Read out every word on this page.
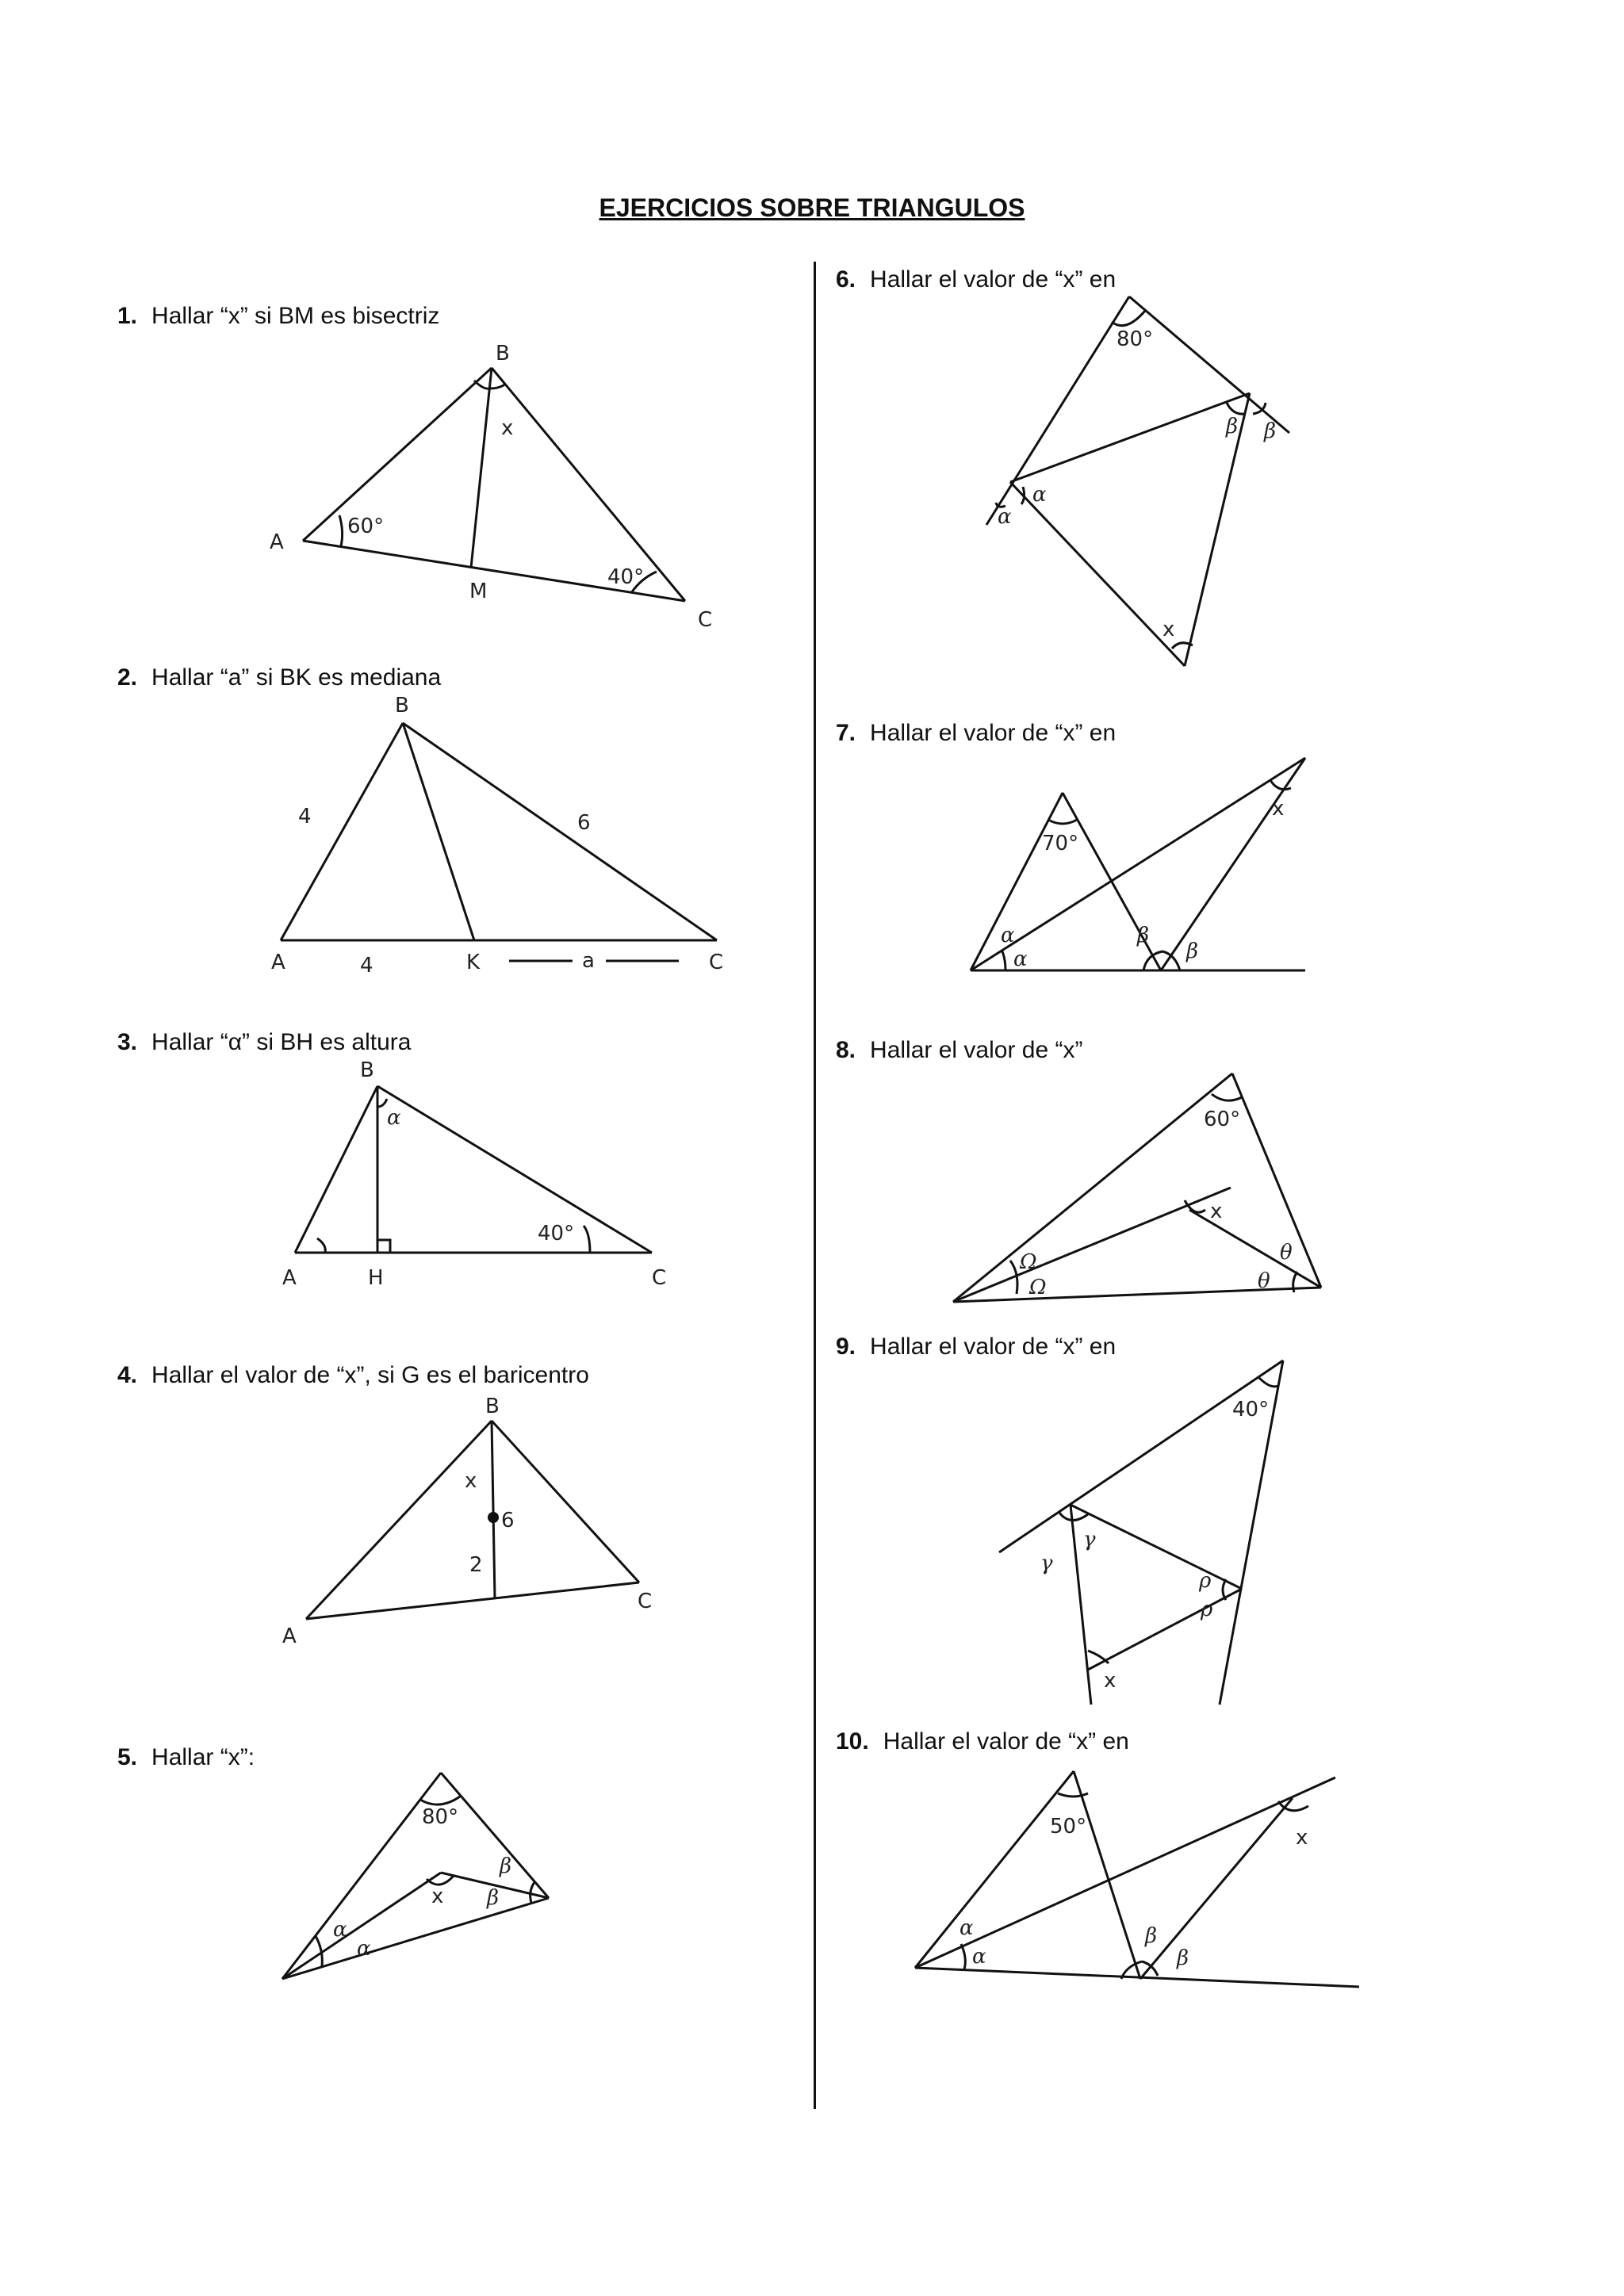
EJERCICIOS SOBRE TRIANGULOS
1. Hallar “x” si BM es bisectriz
A
B
C
M
60°
40°
x
2. Hallar “a” si BK es mediana
B
A	C
K
4	6
4	a
3. Hallar “α” si BH es altura
B
A	C
H
α
40°
4. Hallar el valor de “x”, si G es el baricentro
B
A
C
x
6
2
5. Hallar “x”:
80°
x
α
α
β
β
6. Hallar el valor de “x” en
80°
β β
α
α
x
7. Hallar el valor de “x” en
70°
x
α
α
β
β
8. Hallar el valor de “x”
60°
x
Ω
Ω
θ
θ
9. Hallar el valor de “x” en
40°
γ
γ
ρ
ρ
x
10. Hallar el valor de “x” en
50°	x
α
α
β
β
